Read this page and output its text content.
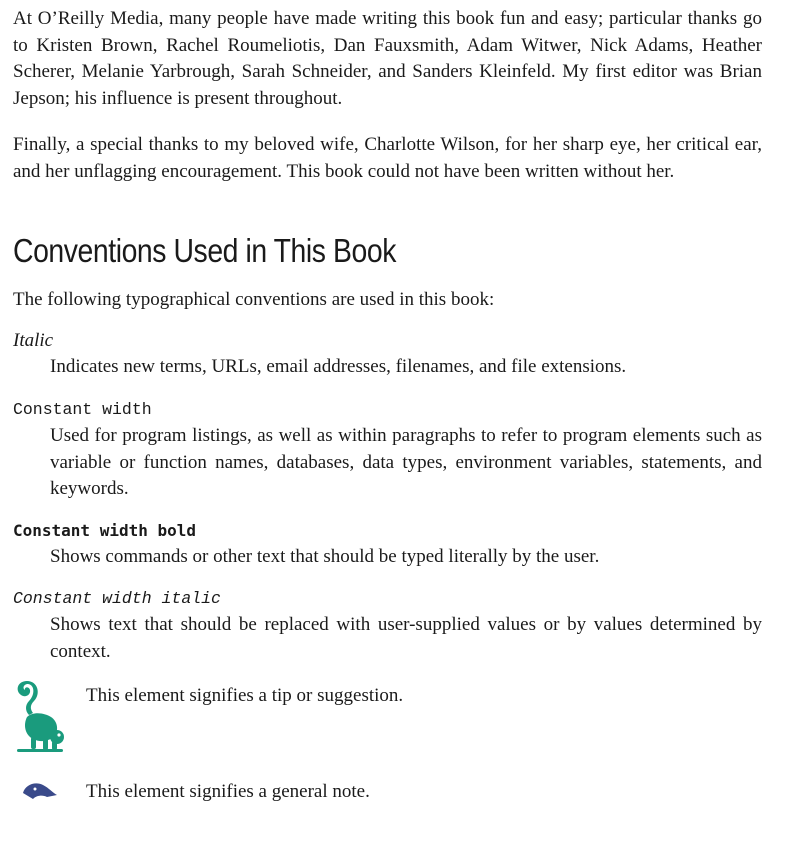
At O’Reilly Media, many people have made writing this book fun and easy; particular thanks go to Kristen Brown, Rachel Roumeliotis, Dan Fauxsmith, Adam Witwer, Nick Adams, Heather Scherer, Melanie Yarbrough, Sarah Schneider, and Sanders Kleinfeld. My first editor was Brian Jepson; his influence is present throughout.

Finally, a special thanks to my beloved wife, Charlotte Wilson, for her sharp eye, her critical ear, and her unflagging encouragement. This book could not have been written without her.

Conventions Used in This Book

The following typographical conventions are used in this book:

Italic
Indicates new terms, URLs, email addresses, filenames, and file extensions.
Constant width
Used for program listings, as well as within paragraphs to refer to program elements such as variable or function names, databases, data types, environment variables, statements, and keywords.
Constant width bold
Shows commands or other text that should be typed literally by the user.
Constant width italic
Shows text that should be replaced with user-supplied values or by values determined by context.
This element signifies a tip or suggestion.
This element signifies a general note.
